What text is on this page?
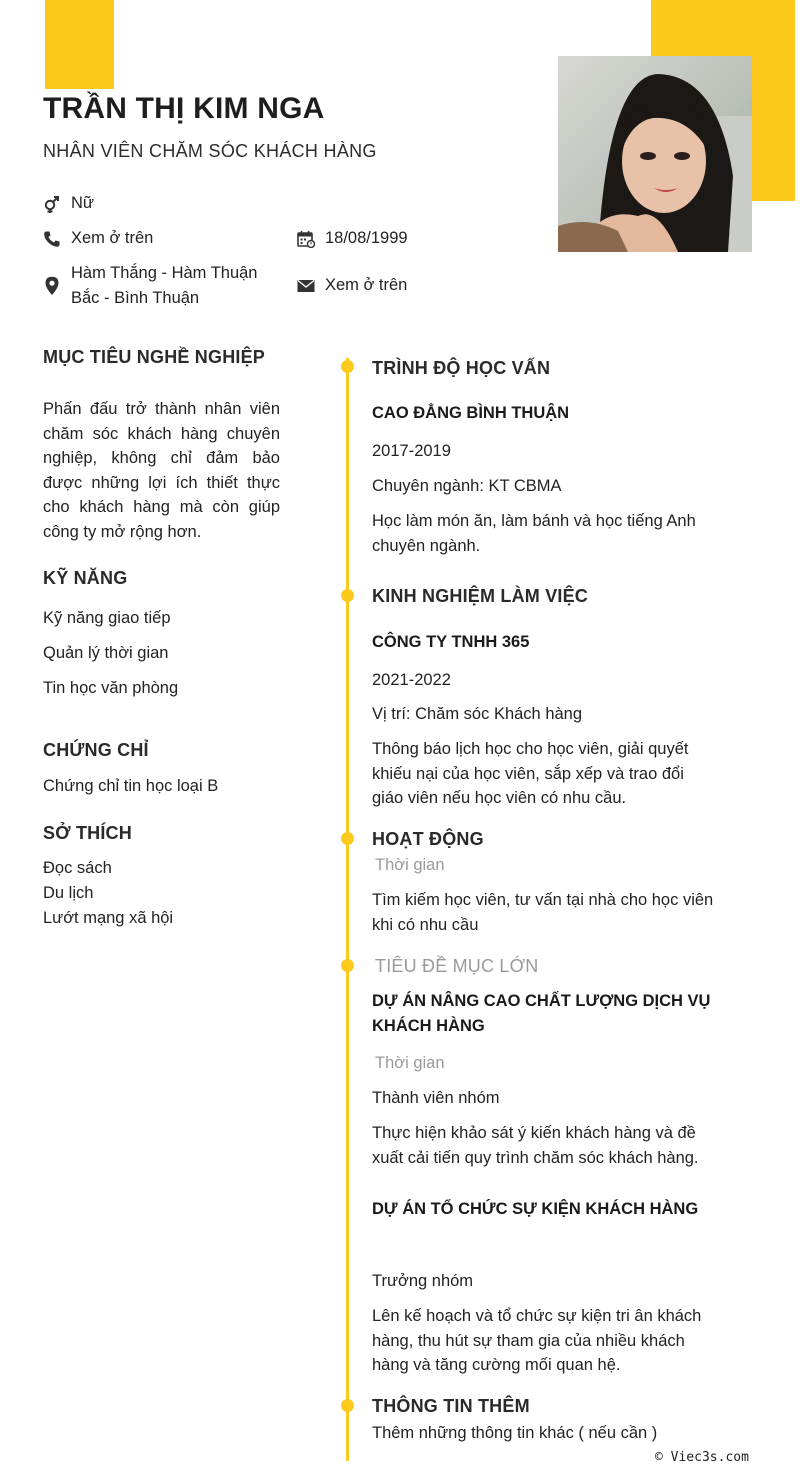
TRẦN THỊ KIM NGA
NHÂN VIÊN CHĂM SÓC KHÁCH HÀNG
Nữ
Xem ở trên	18/08/1999
Hàm Thắng - Hàm Thuận
Bắc - Bình Thuận
Xem ở trên
MỤC TIÊU NGHỀ NGHIỆP
Phấn đấu trở thành nhân viên
chăm sóc khách hàng chuyên
nghiệp, không chỉ đảm bảo
được những lợi ích thiết thực
cho khách hàng mà còn giúp
công ty mở rộng hơn.
KỸ NĂNG
Kỹ năng giao tiếp
Quản lý thời gian
Tin học văn phòng
CHỨNG CHỈ
Chứng chỉ tin học loại B
SỞ THÍCH
Đọc sách
Du lịch
Lướt mạng xã hội
TRÌNH ĐỘ HỌC VẤN
CAO ĐẲNG BÌNH THUẬN
2017-2019
Chuyên ngành: KT CBMA
Học làm món ăn, làm bánh và học tiếng Anh
chuyên ngành.
KINH NGHIỆM LÀM VIỆC
CÔNG TY TNHH 365
2021-2022
Vị trí: Chăm sóc Khách hàng
Thông báo lịch học cho học viên, giải quyết
khiếu nại của học viên, sắp xếp và trao đổi
giáo viên nếu học viên có nhu cầu.
HOẠT ĐỘNG
Thời gian
Tìm kiếm học viên, tư vấn tại nhà cho học viên
khi có nhu cầu
TIÊU ĐỀ MỤC LỚN
DỰ ÁN NÂNG CAO CHẤT LƯỢNG DỊCH VỤ
KHÁCH HÀNG
Thời gian
Thành viên nhóm
Thực hiện khảo sát ý kiến khách hàng và đề
xuất cải tiến quy trình chăm sóc khách hàng.
DỰ ÁN TỔ CHỨC SỰ KIỆN KHÁCH HÀNG
Trưởng nhóm
Lên kế hoạch và tổ chức sự kiện tri ân khách
hàng, thu hút sự tham gia của nhiều khách
hàng và tăng cường mối quan hệ.
THÔNG TIN THÊM
Thêm những thông tin khác ( nếu cần )
© Viec3s.com
